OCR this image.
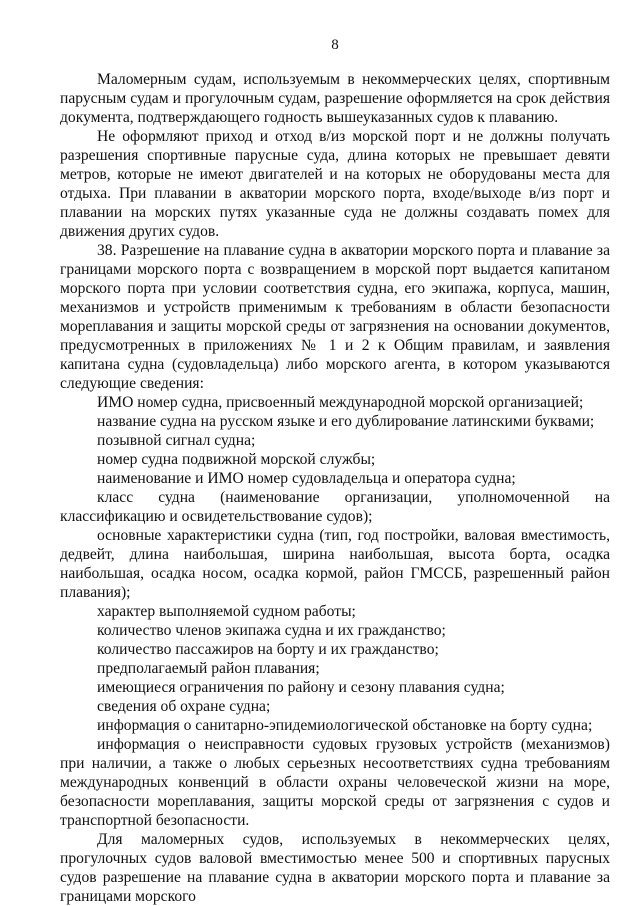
8

Маломерным судам, используемым в некоммерческих целях, спортивным парусным судам и прогулочным судам, разрешение оформляется на срок действия документа, подтверждающего годность вышеуказанных судов к плаванию.

Не оформляют приход и отход в/из морской порт и не должны получать разрешения спортивные парусные суда, длина которых не превышает девяти метров, которые не имеют двигателей и на которых не оборудованы места для отдыха. При плавании в акватории морского порта, входе/выходе в/из порт и плавании на морских путях указанные суда не должны создавать помех для движения других судов.

38. Разрешение на плавание судна в акватории морского порта и плавание за границами морского порта с возвращением в морской порт выдается капитаном морского порта при условии соответствия судна, его экипажа, корпуса, машин, механизмов и устройств применимым к требованиям в области безопасности мореплавания и защиты морской среды от загрязнения на основании документов, предусмотренных в приложениях № 1 и 2 к Общим правилам, и заявления капитана судна (судовладельца) либо морского агента, в котором указываются следующие сведения:

ИМО номер судна, присвоенный международной морской организацией;

название судна на русском языке и его дублирование латинскими буквами;

позывной сигнал судна;

номер судна подвижной морской службы;

наименование и ИМО номер судовладельца и оператора судна;

класс судна (наименование организации, уполномоченной на классификацию и освидетельствование судов);

основные характеристики судна (тип, год постройки, валовая вместимость, дедвейт, длина наибольшая, ширина наибольшая, высота борта, осадка наибольшая, осадка носом, осадка кормой, район ГМССБ, разрешенный район плавания);

характер выполняемой судном работы;

количество членов экипажа судна и их гражданство;

количество пассажиров на борту и их гражданство;

предполагаемый район плавания;

имеющиеся ограничения по району и сезону плавания судна;

сведения об охране судна;

информация о санитарно-эпидемиологической обстановке на борту судна;

информация о неисправности судовых грузовых устройств (механизмов) при наличии, а также о любых серьезных несоответствиях судна требованиям международных конвенций в области охраны человеческой жизни на море, безопасности мореплавания, защиты морской среды от загрязнения с судов и транспортной безопасности.

Для маломерных судов, используемых в некоммерческих целях, прогулочных судов валовой вместимостью менее 500 и спортивных парусных судов разрешение на плавание судна в акватории морского порта и плавание за границами морского
